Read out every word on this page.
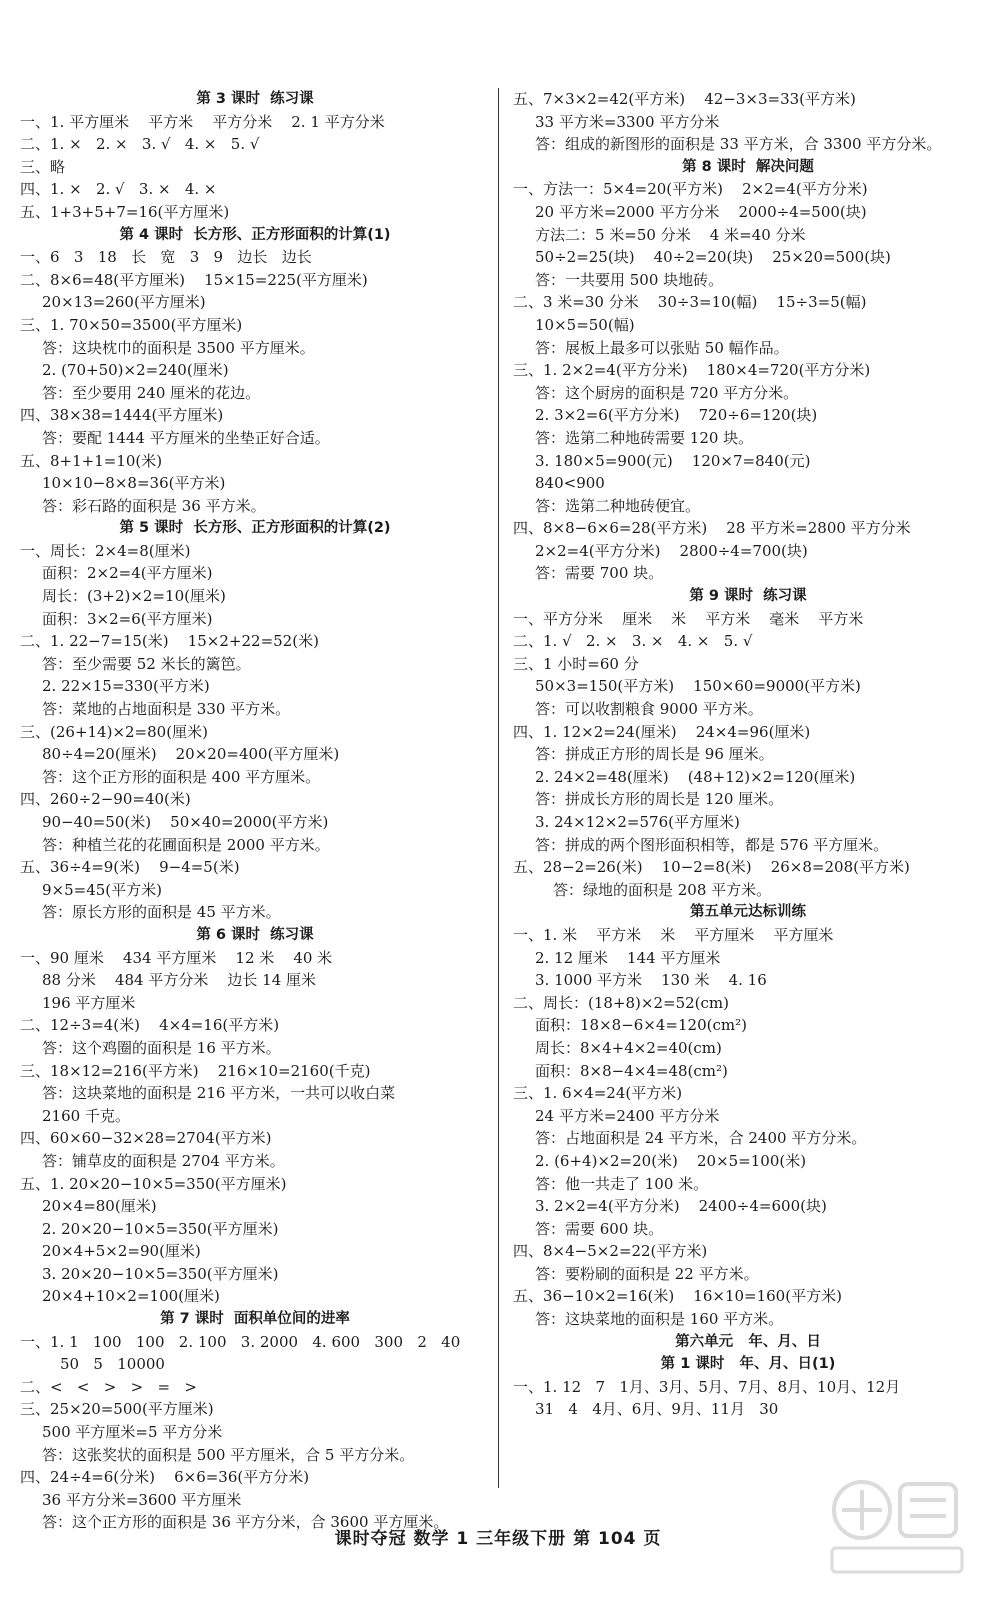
第 3 课时  练习课
一、1. 平方厘米    平方米    平方分米    2. 1 平方分米
二、1. ×   2. ×   3. √   4. ×   5. √
三、略
四、1. ×   2. √   3. ×   4. ×
五、1+3+5+7=16(平方厘米)
第 4 课时  长方形、正方形面积的计算(1)
一、6   3   18   长   宽   3   9   边长   边长
二、8×6=48(平方厘米)    15×15=225(平方厘米)
20×13=260(平方厘米)
三、1. 70×50=3500(平方厘米)
答：这块枕巾的面积是 3500 平方厘米。
2. (70+50)×2=240(厘米)
答：至少要用 240 厘米的花边。
四、38×38=1444(平方厘米)
答：要配 1444 平方厘米的坐垫正好合适。
五、8+1+1=10(米)
10×10−8×8=36(平方米)
答：彩石路的面积是 36 平方米。
第 5 课时  长方形、正方形面积的计算(2)
一、周长：2×4=8(厘米)
面积：2×2=4(平方厘米)
周长：(3+2)×2=10(厘米)
面积：3×2=6(平方厘米)
二、1. 22−7=15(米)    15×2+22=52(米)
答：至少需要 52 米长的篱笆。
2. 22×15=330(平方米)
答：菜地的占地面积是 330 平方米。
三、(26+14)×2=80(厘米)
80÷4=20(厘米)    20×20=400(平方厘米)
答：这个正方形的面积是 400 平方厘米。
四、260÷2−90=40(米)
90−40=50(米)    50×40=2000(平方米)
答：种植兰花的花圃面积是 2000 平方米。
五、36÷4=9(米)    9−4=5(米)
9×5=45(平方米)
答：原长方形的面积是 45 平方米。
第 6 课时  练习课
一、90 厘米    434 平方厘米    12 米    40 米
88 分米    484 平方分米    边长 14 厘米
196 平方厘米
二、12÷3=4(米)    4×4=16(平方米)
答：这个鸡圈的面积是 16 平方米。
三、18×12=216(平方米)    216×10=2160(千克)
答：这块菜地的面积是 216 平方米，一共可以收白菜
2160 千克。
四、60×60−32×28=2704(平方米)
答：铺草皮的面积是 2704 平方米。
五、1. 20×20−10×5=350(平方厘米)
20×4=80(厘米)
2. 20×20−10×5=350(平方厘米)
20×4+5×2=90(厘米)
3. 20×20−10×5=350(平方厘米)
20×4+10×2=100(厘米)
第 7 课时  面积单位间的进率
一、1. 1   100   100   2. 100   3. 2000   4. 600   300   2   40
50   5   10000
二、<   <   >   >   =   >
三、25×20=500(平方厘米)
500 平方厘米=5 平方分米
答：这张奖状的面积是 500 平方厘米，合 5 平方分米。
四、24÷4=6(分米)    6×6=36(平方分米)
36 平方分米=3600 平方厘米
答：这个正方形的面积是 36 平方分米，合 3600 平方厘米。
五、7×3×2=42(平方米)    42−3×3=33(平方米)
33 平方米=3300 平方分米
答：组成的新图形的面积是 33 平方米，合 3300 平方分米。
第 8 课时  解决问题
一、方法一：5×4=20(平方米)    2×2=4(平方分米)
20 平方米=2000 平方分米    2000÷4=500(块)
方法二：5 米=50 分米    4 米=40 分米
50÷2=25(块)    40÷2=20(块)    25×20=500(块)
答：一共要用 500 块地砖。
二、3 米=30 分米    30÷3=10(幅)    15÷3=5(幅)
10×5=50(幅)
答：展板上最多可以张贴 50 幅作品。
三、1. 2×2=4(平方分米)    180×4=720(平方分米)
答：这个厨房的面积是 720 平方分米。
2. 3×2=6(平方分米)    720÷6=120(块)
答：选第二种地砖需要 120 块。
3. 180×5=900(元)    120×7=840(元)
840<900
答：选第二种地砖便宜。
四、8×8−6×6=28(平方米)    28 平方米=2800 平方分米
2×2=4(平方分米)    2800÷4=700(块)
答：需要 700 块。
第 9 课时  练习课
一、平方分米    厘米    米    平方米    毫米    平方米
二、1. √   2. ×   3. ×   4. ×   5. √
三、1 小时=60 分
50×3=150(平方米)    150×60=9000(平方米)
答：可以收割粮食 9000 平方米。
四、1. 12×2=24(厘米)    24×4=96(厘米)
答：拼成正方形的周长是 96 厘米。
2. 24×2=48(厘米)    (48+12)×2=120(厘米)
答：拼成长方形的周长是 120 厘米。
3. 24×12×2=576(平方厘米)
答：拼成的两个图形面积相等，都是 576 平方厘米。
五、28−2=26(米)    10−2=8(米)    26×8=208(平方米)
答：绿地的面积是 208 平方米。
第五单元达标训练
一、1. 米    平方米    米    平方厘米    平方厘米
2. 12 厘米    144 平方厘米
3. 1000 平方米    130 米    4. 16
二、周长：(18+8)×2=52(cm)
面积：18×8−6×4=120(cm²)
周长：8×4+4×2=40(cm)
面积：8×8−4×4=48(cm²)
三、1. 6×4=24(平方米)
24 平方米=2400 平方分米
答：占地面积是 24 平方米，合 2400 平方分米。
2. (6+4)×2=20(米)    20×5=100(米)
答：他一共走了 100 米。
3. 2×2=4(平方分米)    2400÷4=600(块)
答：需要 600 块。
四、8×4−5×2=22(平方米)
答：要粉刷的面积是 22 平方米。
五、36−10×2=16(米)    16×10=160(平方米)
答：这块菜地的面积是 160 平方米。
第六单元   年、月、日
第 1 课时   年、月、日(1)
一、1. 12   7   1月、3月、5月、7月、8月、10月、12月
31   4   4月、6月、9月、11月   30
课时夺冠 数学 1 三年级下册 第 104 页
